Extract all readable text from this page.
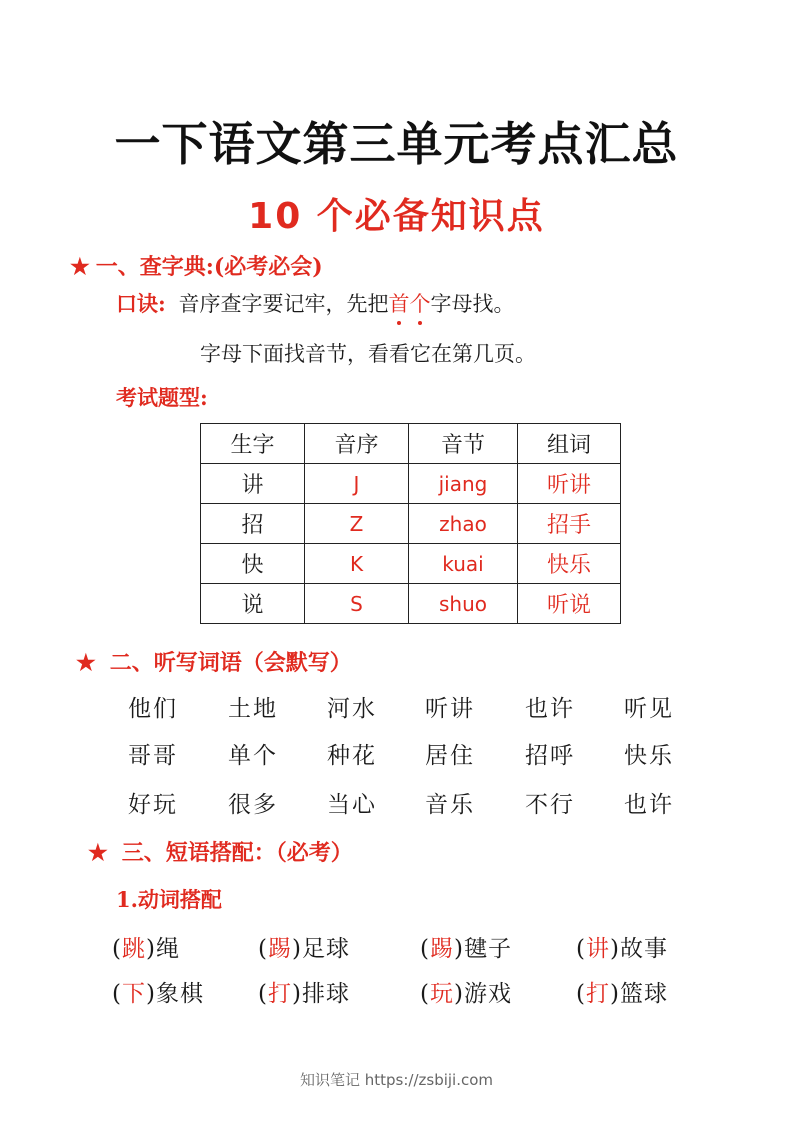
一下语文第三单元考点汇总
10 个必备知识点
★ 一、查字典:(必考必会)
口诀: 音序查字要记牢，先把首个字母找。
字母下面找音节，看看它在第几页。
考试题型:
生字	音序	音节	组词
讲	J	jiang	听讲
招	Z	zhao	招手
快	K	kuai	快乐
说	S	shuo	听说
★ 二、听写词语（会默写）
他们 土地 河水 听讲 也许 听见
哥哥 单个 种花 居住 招呼 快乐
好玩 很多 当心 音乐 不行 也许
★ 三、短语搭配：（必考）
1.动词搭配
(跳)绳	(踢)足球	(踢)毽子	(讲)故事
(下)象棋 (打)排球	(玩)游戏	(打)篮球
知识笔记 https://zsbiji.com
